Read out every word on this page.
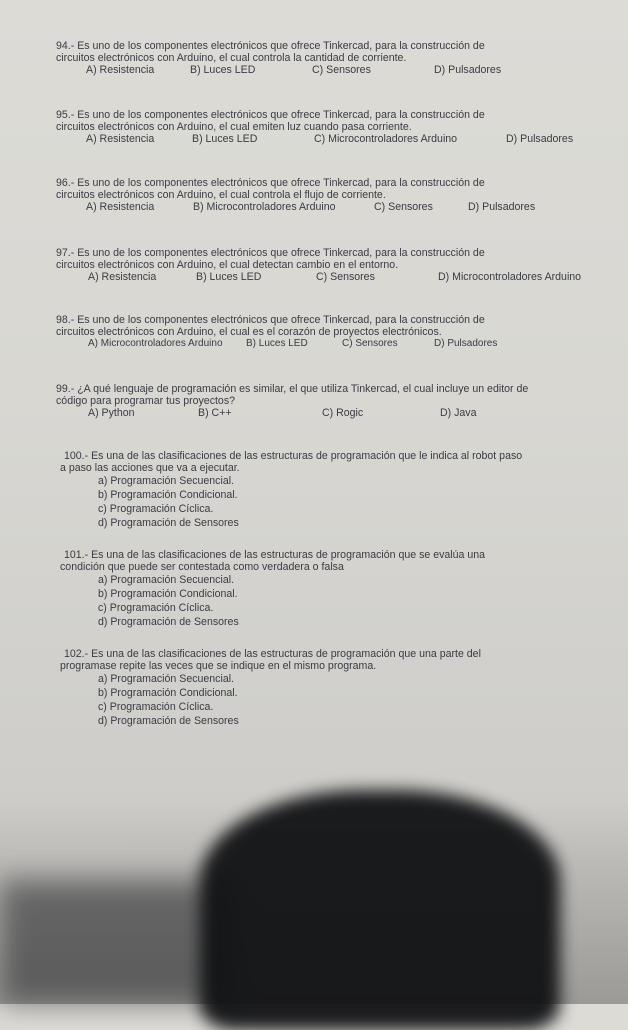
94.- Es uno de los componentes electrónicos que ofrece Tinkercad, para la construcción de
circuitos electrónicos con Arduino, el cual controla la cantidad de corriente.
A) Resistencia	B) Luces LED	C) Sensores	D) Pulsadores
95.- Es uno de los componentes electrónicos que ofrece Tinkercad, para la construcción de
circuitos electrónicos con Arduino, el cual emiten luz cuando pasa corriente.
A) Resistencia	B) Luces LED	C) Microcontroladores Arduino	D) Pulsadores
96.- Es uno de los componentes electrónicos que ofrece Tinkercad, para la construcción de
circuitos electrónicos con Arduino, el cual controla el flujo de corriente.
A) Resistencia	B) Microcontroladores Arduino	C) Sensores	D) Pulsadores
97.- Es uno de los componentes electrónicos que ofrece Tinkercad, para la construcción de
circuitos electrónicos con Arduino, el cual detectan cambio en el entorno.
A) Resistencia	B) Luces LED	C) Sensores	D) Microcontroladores Arduino
98.- Es uno de los componentes electrónicos que ofrece Tinkercad, para la construcción de
circuitos electrónicos con Arduino, el cual es el corazón de proyectos electrónicos.
A) Microcontroladores Arduino B) Luces LED	C) Sensores	D) Pulsadores
99.- ¿A qué lenguaje de programación es similar, el que utiliza Tinkercad, el cual incluye un editor de
código para programar tus proyectos?
A) Python	B) C++	C) Rogic	D) Java
100.- Es una de las clasificaciones de las estructuras de programación que le indica al robot paso
a paso las acciones que va a ejecutar.
a) Programación Secuencial.
b) Programación Condicional.
c) Programación Cíclica.
d) Programación de Sensores
101.- Es una de las clasificaciones de las estructuras de programación que se evalúa una
condición que puede ser contestada como verdadera o falsa
a) Programación Secuencial.
b) Programación Condicional.
c) Programación Cíclica.
d) Programación de Sensores
102.- Es una de las clasificaciones de las estructuras de programación que una parte del
programase repite las veces que se indique en el mismo programa.
a) Programación Secuencial.
b) Programación Condicional.
c) Programación Cíclica.
d) Programación de Sensores
